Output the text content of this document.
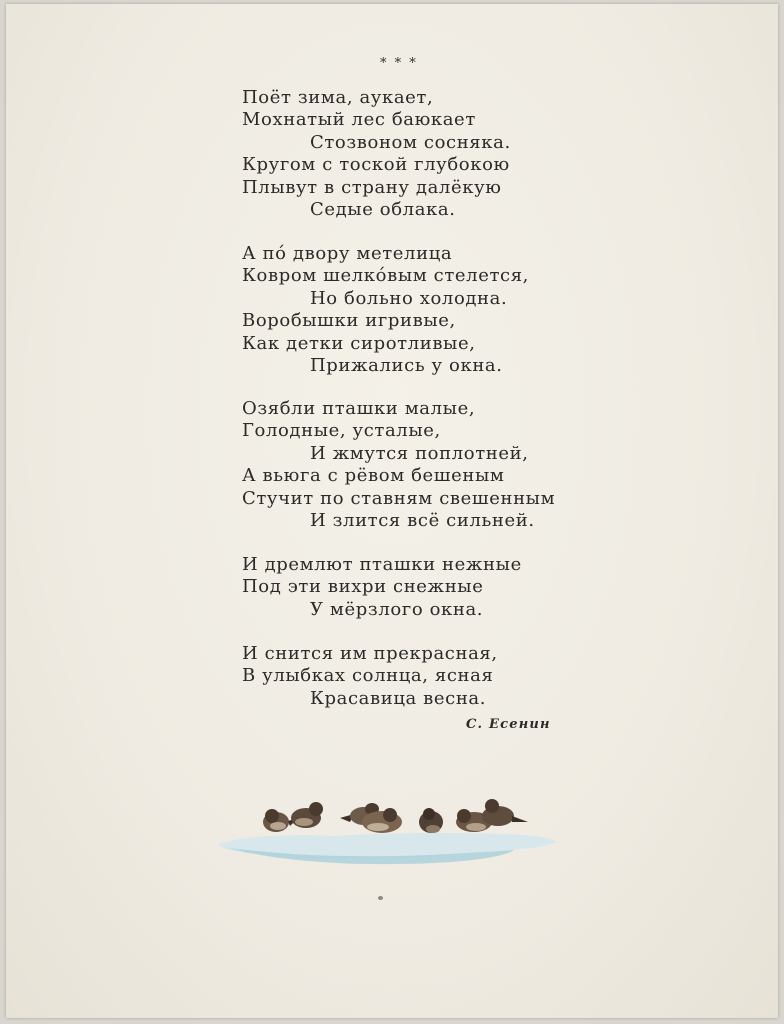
* * *
Поёт зима, аукает,
Мохнатый лес баюкает
Стозвоном сосняка.
Кругом с тоской глубокою
Плывут в страну далёкую
Седые облака.
А по́ двору метелица
Ковром шелко́вым стелется,
Но больно холодна.
Воробышки игривые,
Как детки сиротливые,
Прижались у окна.
Озябли пташки малые,
Голодные, усталые,
И жмутся поплотней,
А вьюга с рёвом бешеным
Стучит по ставням свешенным
И злится всё сильней.
И дремлют пташки нежные
Под эти вихри снежные
У мёрзлого окна.
И снится им прекрасная,
В улыбках солнца, ясная
Красавица весна.
С. Есенин
